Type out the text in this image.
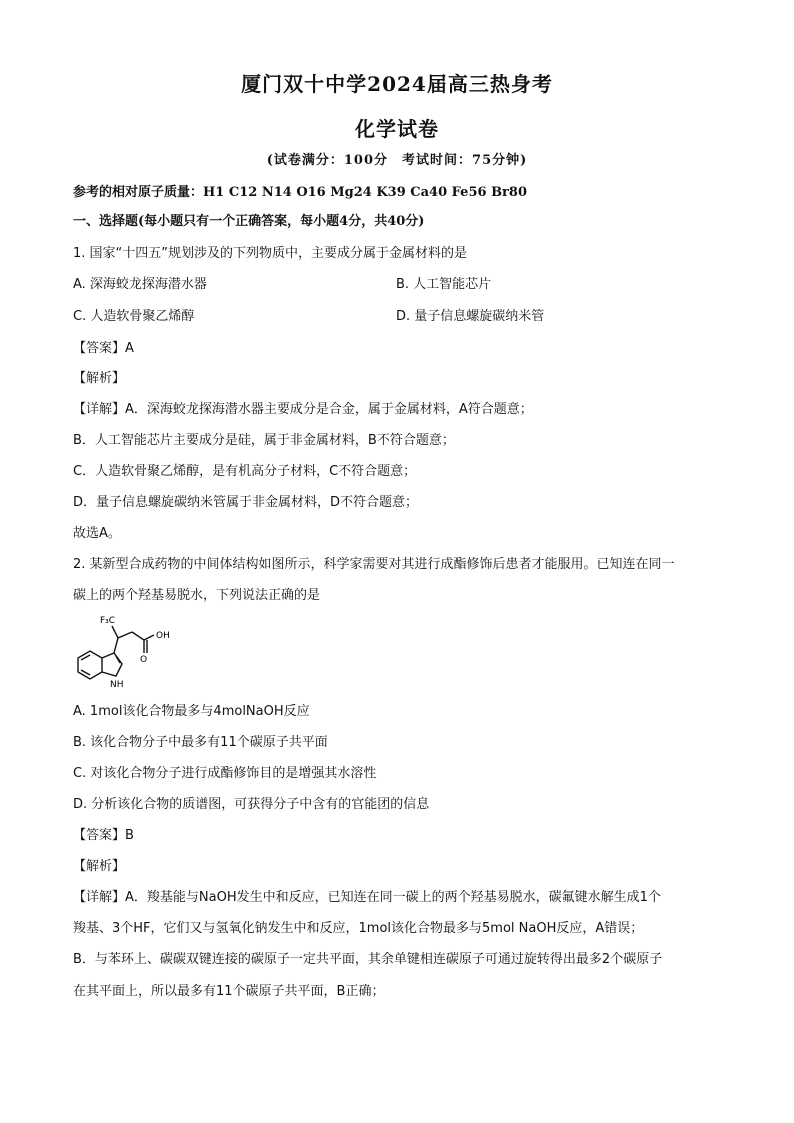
厦门双十中学2024届高三热身考
化学试卷
(试卷满分：100分　考试时间：75分钟)
参考的相对原子质量：H1 C12 N14 O16 Mg24 K39 Ca40 Fe56 Br80
一、选择题(每小题只有一个正确答案，每小题4分，共40分)
1. 国家“十四五”规划涉及的下列物质中，主要成分属于金属材料的是
A. 深海蛟龙探海潜水器	B. 人工智能芯片
C. 人造软骨聚乙烯醇	D. 量子信息螺旋碳纳米管
【答案】A
【解析】
【详解】A．深海蛟龙探海潜水器主要成分是合金，属于金属材料，A符合题意；
B．人工智能芯片主要成分是硅，属于非金属材料，B不符合题意；
C．人造软骨聚乙烯醇，是有机高分子材料，C不符合题意；
D．量子信息螺旋碳纳米管属于非金属材料，D不符合题意；
故选A。
2. 某新型合成药物的中间体结构如图所示，科学家需要对其进行成酯修饰后患者才能服用。已知连在同一
碳上的两个羟基易脱水，下列说法正确的是
F₃C
OH
O
NH
A. 1mol该化合物最多与4molNaOH反应
B. 该化合物分子中最多有11个碳原子共平面
C. 对该化合物分子进行成酯修饰目的是增强其水溶性
D. 分析该化合物的质谱图，可获得分子中含有的官能团的信息
【答案】B
【解析】
【详解】A．羧基能与NaOH发生中和反应，已知连在同一碳上的两个羟基易脱水，碳氟键水解生成1个
羧基、3个HF，它们又与氢氧化钠发生中和反应，1mol该化合物最多与5mol NaOH反应，A错误；
B．与苯环上、碳碳双键连接的碳原子一定共平面，其余单键相连碳原子可通过旋转得出最多2个碳原子
在其平面上，所以最多有11个碳原子共平面，B正确；
